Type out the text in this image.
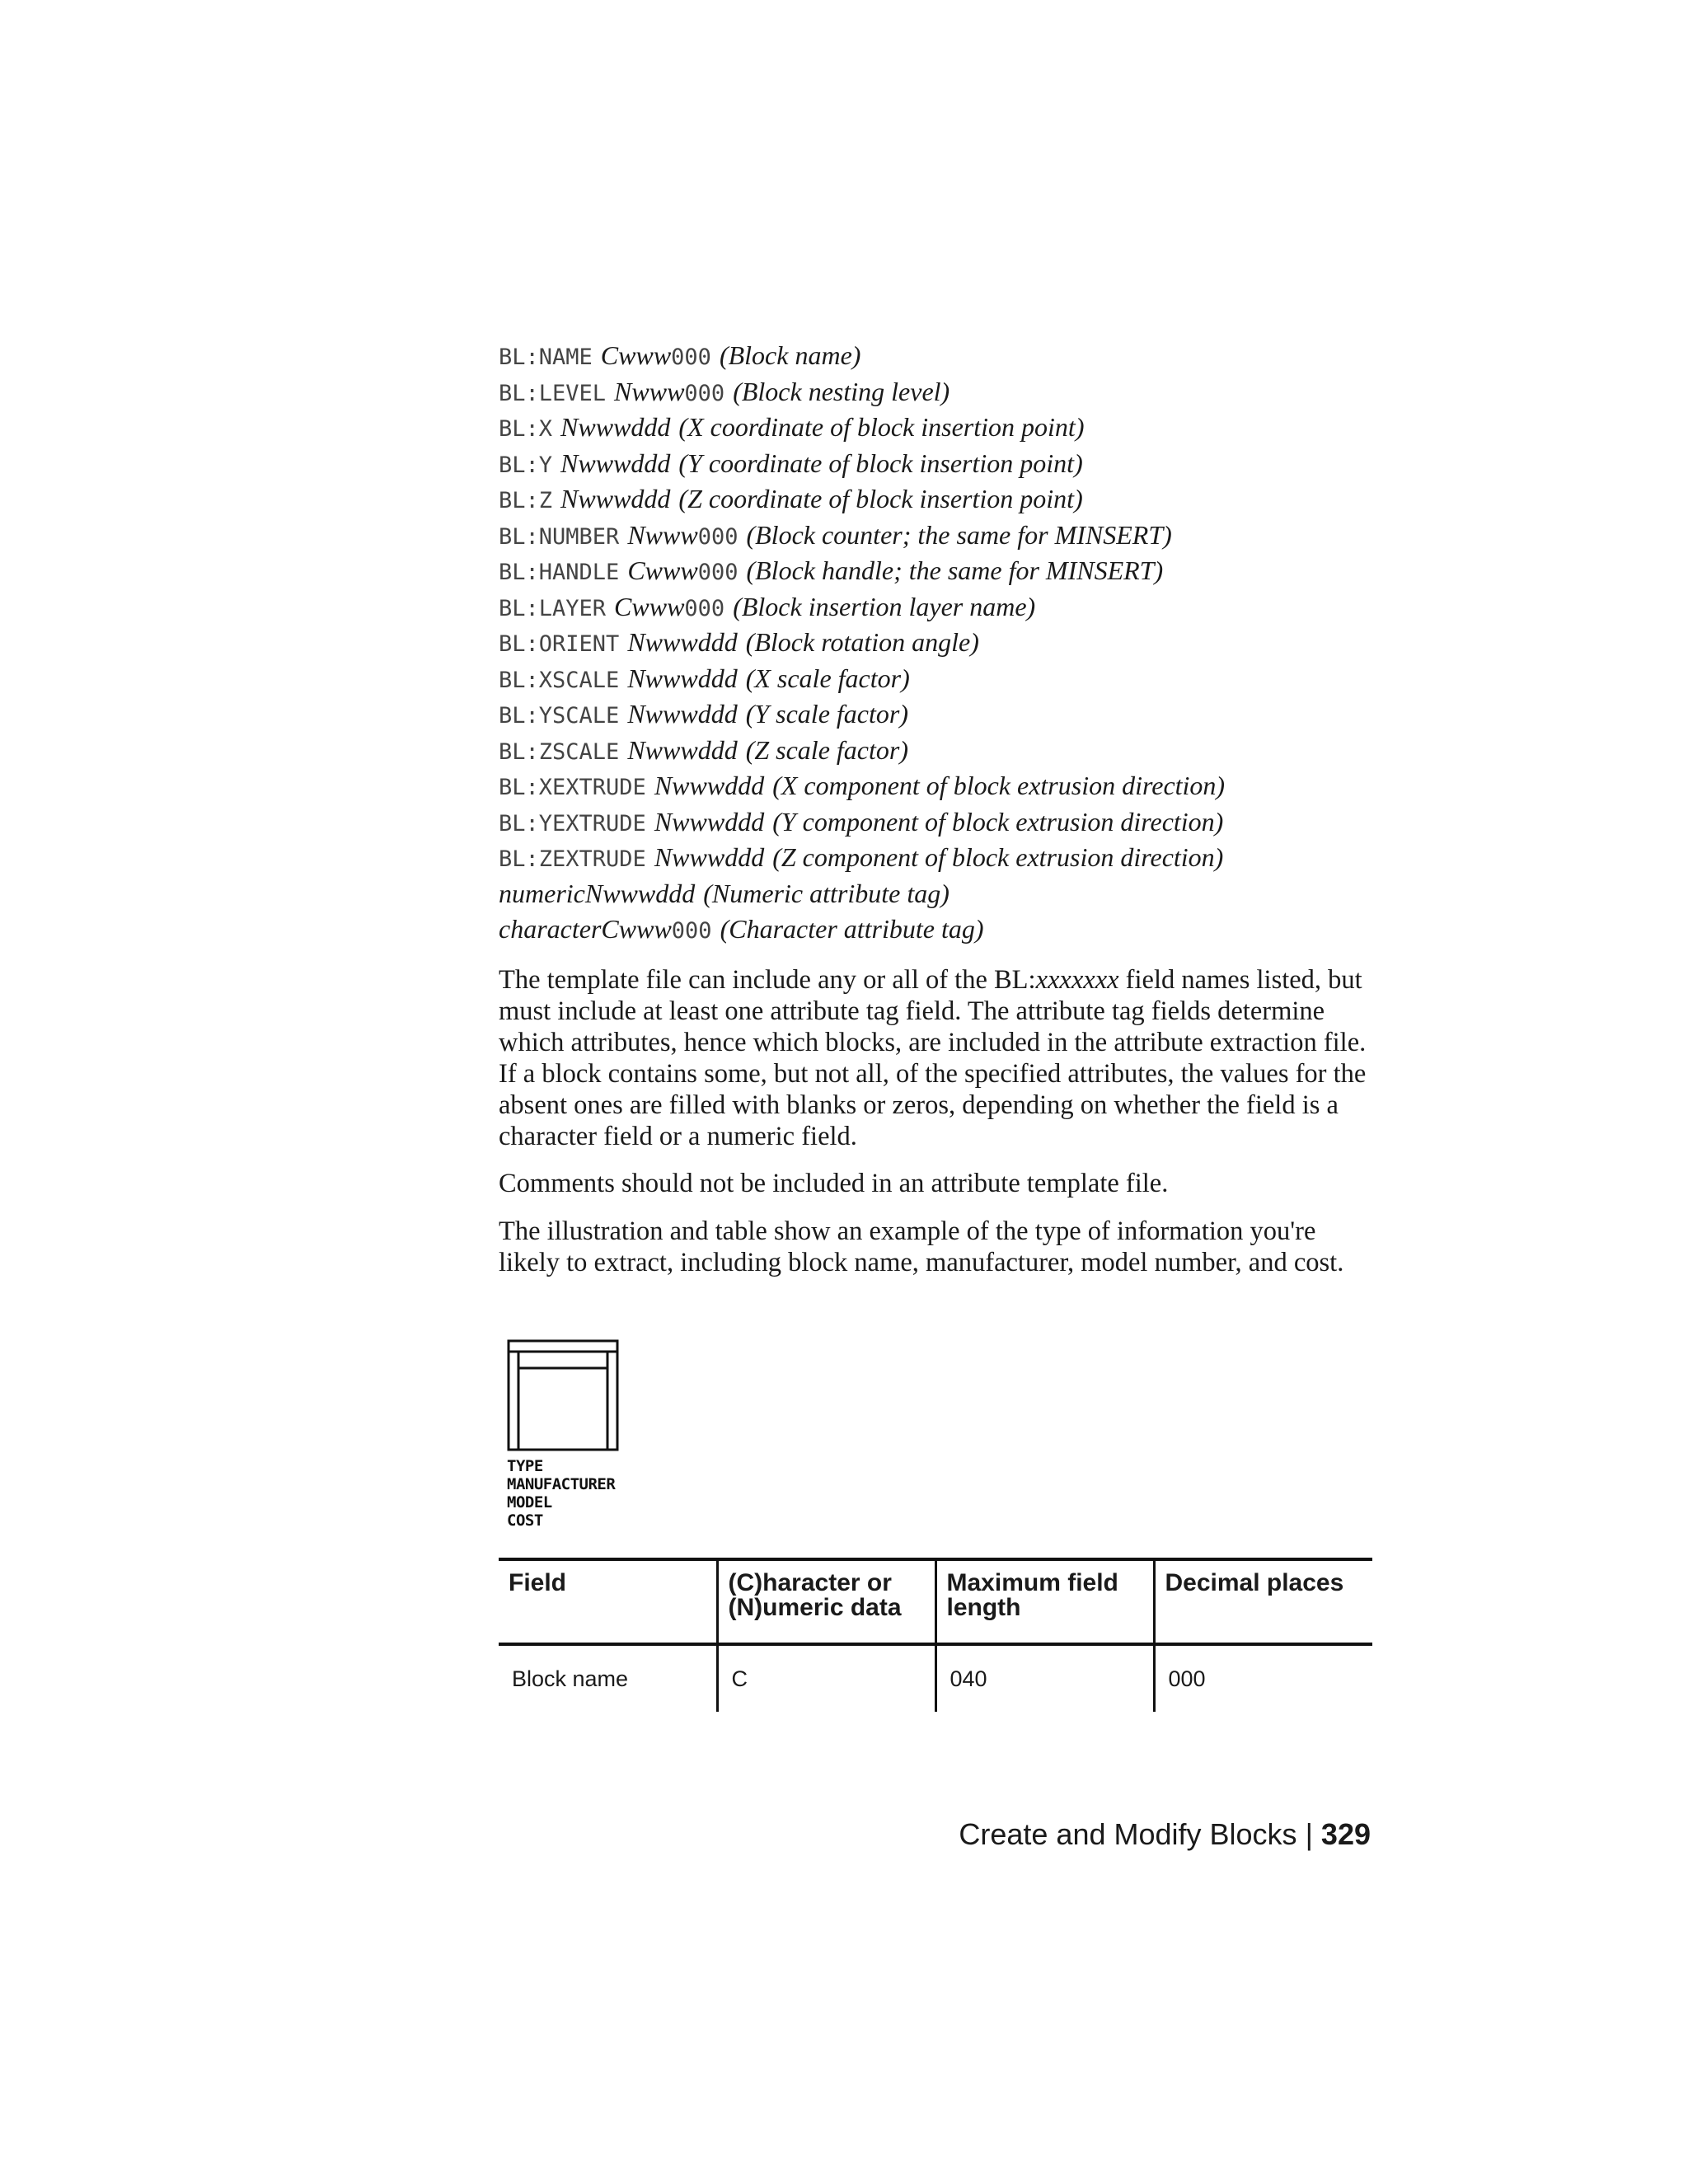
BL:NAME Cwww000 (Block name)
BL:LEVEL Nwww000 (Block nesting level)
BL:X Nwwwddd (X coordinate of block insertion point)
BL:Y Nwwwddd (Y coordinate of block insertion point)
BL:Z Nwwwddd (Z coordinate of block insertion point)
BL:NUMBER Nwww000 (Block counter; the same for MINSERT)
BL:HANDLE Cwww000 (Block handle; the same for MINSERT)
BL:LAYER Cwww000 (Block insertion layer name)
BL:ORIENT Nwwwddd (Block rotation angle)
BL:XSCALE Nwwwddd (X scale factor)
BL:YSCALE Nwwwddd (Y scale factor)
BL:ZSCALE Nwwwddd (Z scale factor)
BL:XEXTRUDE Nwwwddd (X component of block extrusion direction)
BL:YEXTRUDE Nwwwddd (Y component of block extrusion direction)
BL:ZEXTRUDE Nwwwddd (Z component of block extrusion direction)
numericNwwwddd (Numeric attribute tag)
characterCwww000 (Character attribute tag)

The template file can include any or all of the BL:xxxxxxx field names listed, but must include at least one attribute tag field. The attribute tag fields determine which attributes, hence which blocks, are included in the attribute extraction file. If a block contains some, but not all, of the specified attributes, the values for the absent ones are filled with blanks or zeros, depending on whether the field is a character field or a numeric field.

Comments should not be included in an attribute template file.

The illustration and table show an example of the type of information you're likely to extract, including block name, manufacturer, model number, and cost.

TYPE
MANUFACTURER
MODEL
COST
Field	(C)haracter or (N)umeric data	Maximum field length	Decimal places
Block name	C	040	000
Create and Modify Blocks | 329
